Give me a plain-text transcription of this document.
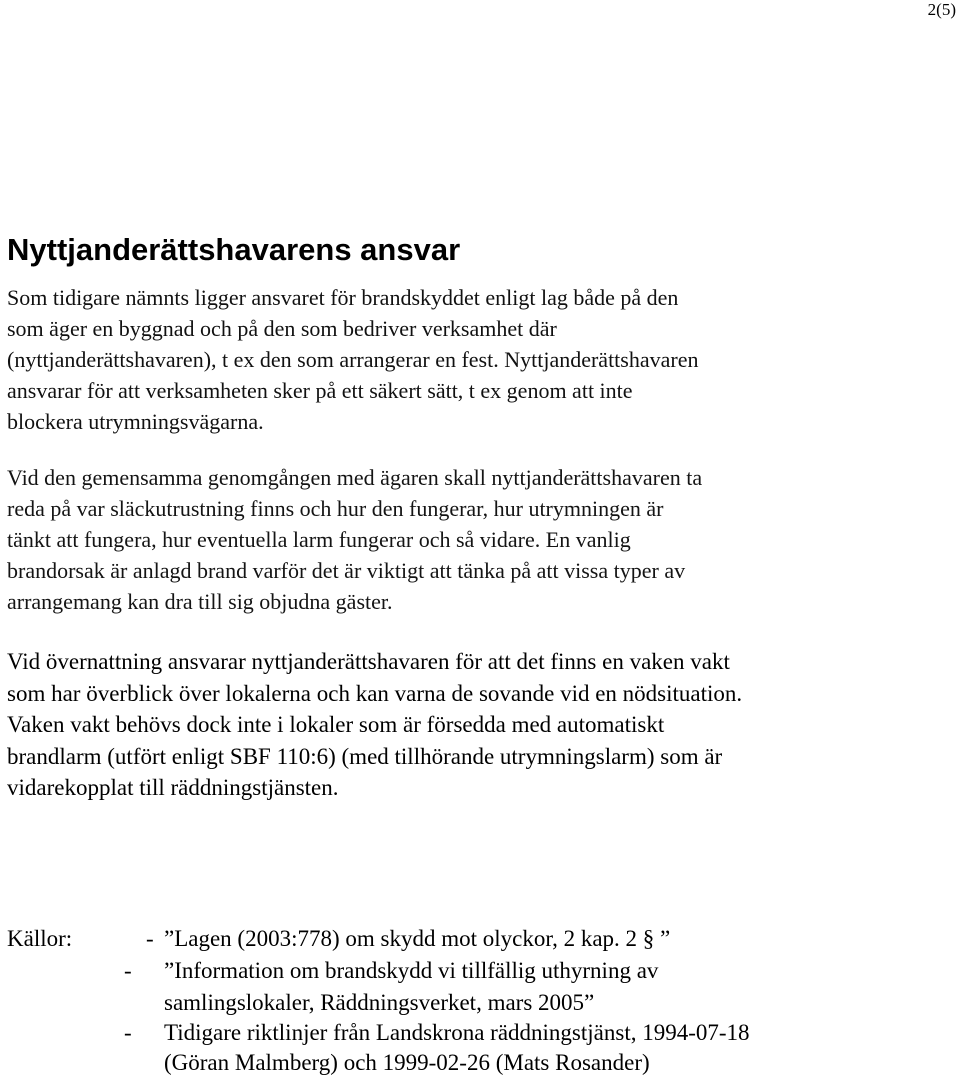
2(5)
Nyttjanderättshavarens ansvar
Som tidigare nämnts ligger ansvaret för brandskyddet enligt lag både på den
som äger en byggnad och på den som bedriver verksamhet där
(nyttjanderättshavaren), t ex den som arrangerar en fest. Nyttjanderättshavaren
ansvarar för att verksamheten sker på ett säkert sätt, t ex genom att inte
blockera utrymningsvägarna.
Vid den gemensamma genomgången med ägaren skall nyttjanderättshavaren ta
reda på var släckutrustning finns och hur den fungerar, hur utrymningen är
tänkt att fungera, hur eventuella larm fungerar och så vidare. En vanlig
brandorsak är anlagd brand varför det är viktigt att tänka på att vissa typer av
arrangemang kan dra till sig objudna gäster.
Vid övernattning ansvarar nyttjanderättshavaren för att det finns en vaken vakt
som har överblick över lokalerna och kan varna de sovande vid en nödsituation.
Vaken vakt behövs dock inte i lokaler som är försedda med automatiskt
brandlarm (utfört enligt SBF 110:6) (med tillhörande utrymningslarm) som är
vidarekopplat till räddningstjänsten.
Källor:	- ”Lagen (2003:778) om skydd mot olyckor, 2 kap. 2 § ”
- ”Information om brandskydd vi tillfällig uthyrning av
samlingslokaler, Räddningsverket, mars 2005”
- Tidigare riktlinjer från Landskrona räddningstjänst, 1994-07-18
(Göran Malmberg) och 1999-02-26 (Mats Rosander)
